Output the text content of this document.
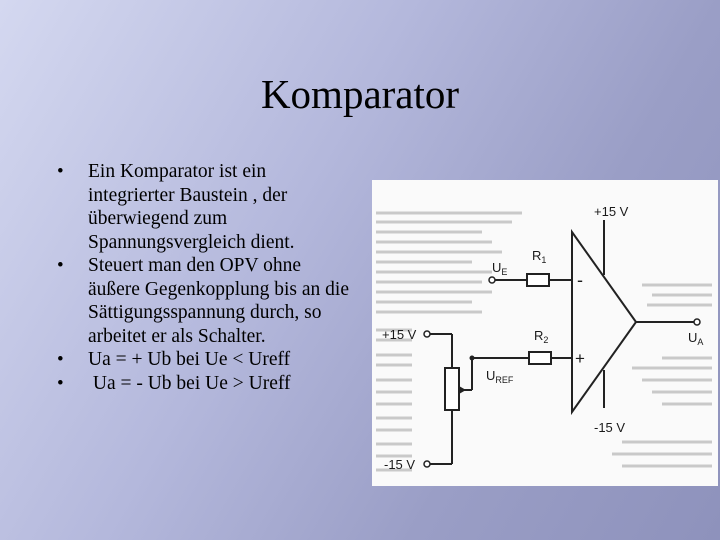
Komparator
• Ein Komparator ist ein integrierter Baustein , der überwiegend zum Spannungsvergleich dient.
• Steuert man den OPV ohne äußere Gegenkopplung bis an die Sättigungsspannung durch, so arbeitet er als Schalter.
• Ua = + Ub bei Ue < Ureff
•  Ua = - Ub bei Ue > Ureff
+15 V
-15 V
+15 V
-15 V
$U_E$
$R_1$
$R_2$
$U_{REF}$
$U_A$
-
+
